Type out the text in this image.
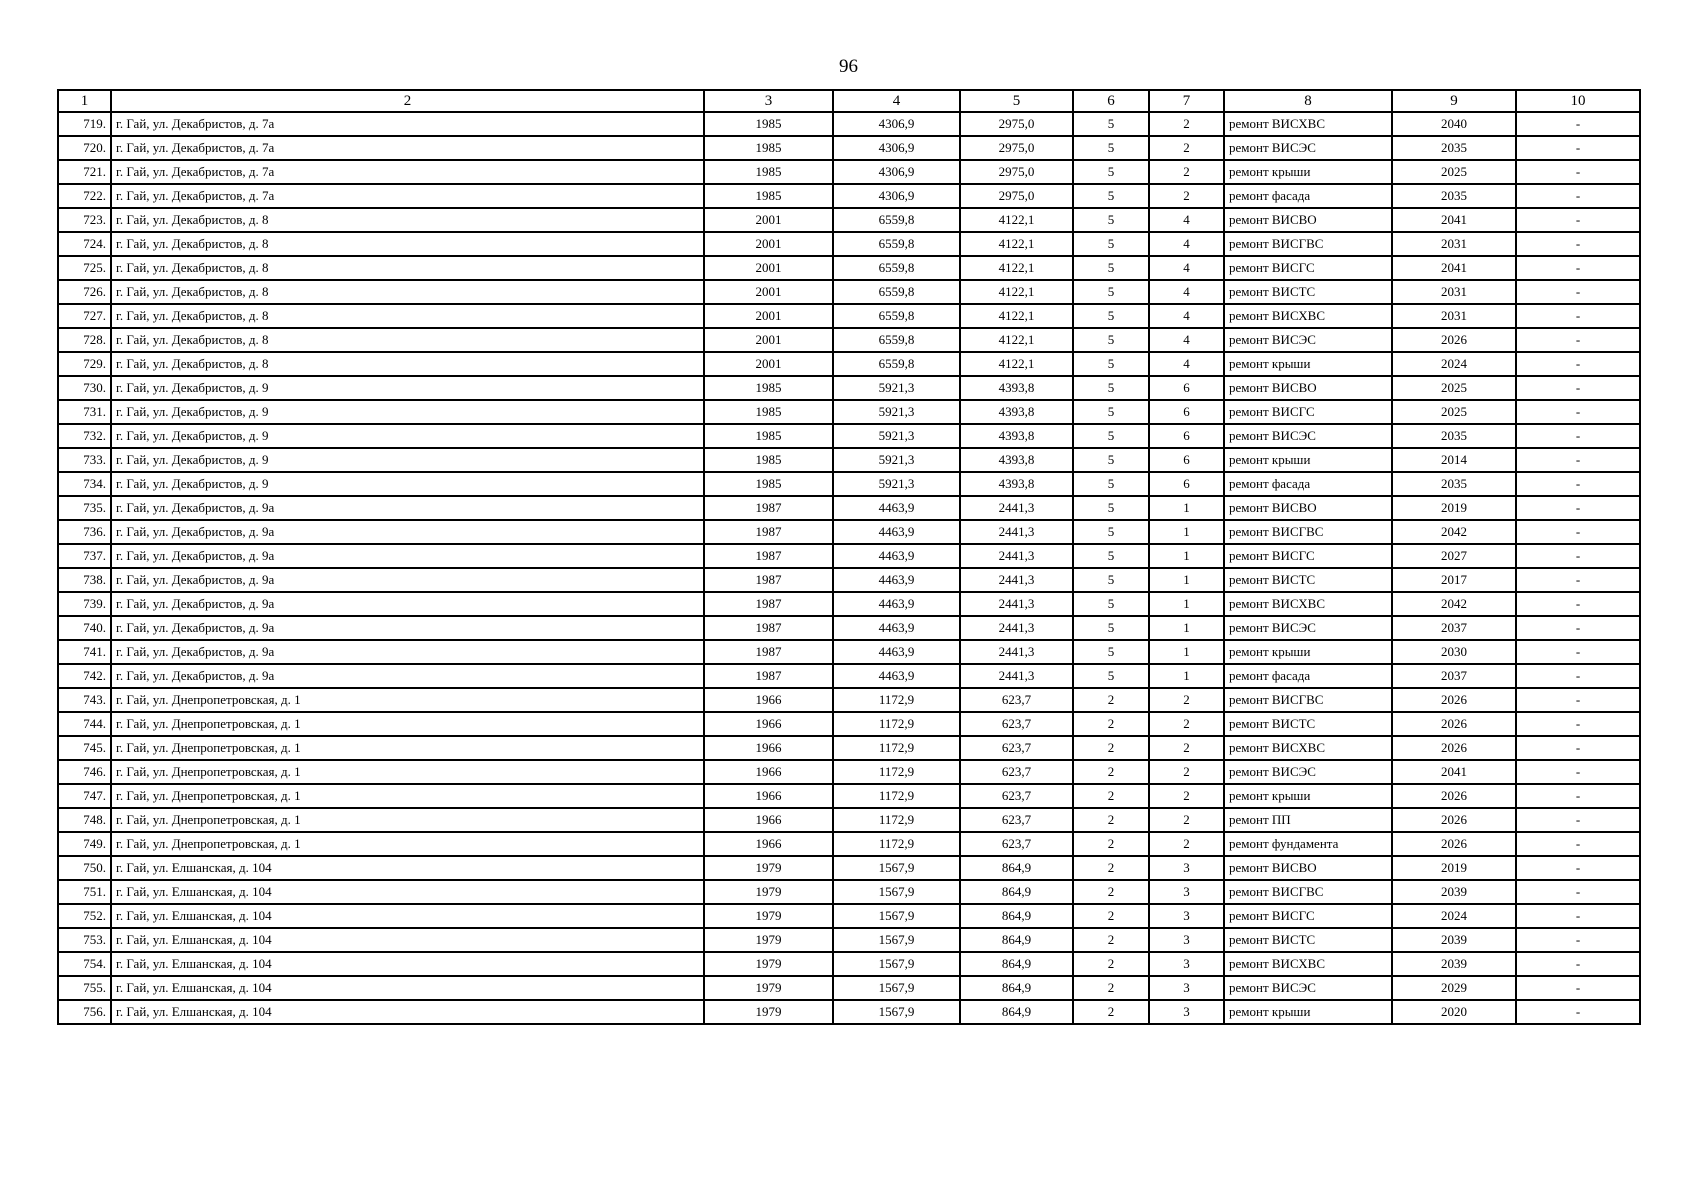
96
1	2	3	4	5	6	7	8	9	10
719.	г. Гай, ул. Декабристов, д. 7а	1985	4306,9	2975,0	5	2	ремонт ВИСХВС	2040	-
720.	г. Гай, ул. Декабристов, д. 7а	1985	4306,9	2975,0	5	2	ремонт ВИСЭС	2035	-
721.	г. Гай, ул. Декабристов, д. 7а	1985	4306,9	2975,0	5	2	ремонт крыши	2025	-
722.	г. Гай, ул. Декабристов, д. 7а	1985	4306,9	2975,0	5	2	ремонт фасада	2035	-
723.	г. Гай, ул. Декабристов, д. 8	2001	6559,8	4122,1	5	4	ремонт ВИСВО	2041	-
724.	г. Гай, ул. Декабристов, д. 8	2001	6559,8	4122,1	5	4	ремонт ВИСГВС	2031	-
725.	г. Гай, ул. Декабристов, д. 8	2001	6559,8	4122,1	5	4	ремонт ВИСГС	2041	-
726.	г. Гай, ул. Декабристов, д. 8	2001	6559,8	4122,1	5	4	ремонт ВИСТС	2031	-
727.	г. Гай, ул. Декабристов, д. 8	2001	6559,8	4122,1	5	4	ремонт ВИСХВС	2031	-
728.	г. Гай, ул. Декабристов, д. 8	2001	6559,8	4122,1	5	4	ремонт ВИСЭС	2026	-
729.	г. Гай, ул. Декабристов, д. 8	2001	6559,8	4122,1	5	4	ремонт крыши	2024	-
730.	г. Гай, ул. Декабристов, д. 9	1985	5921,3	4393,8	5	6	ремонт ВИСВО	2025	-
731.	г. Гай, ул. Декабристов, д. 9	1985	5921,3	4393,8	5	6	ремонт ВИСГС	2025	-
732.	г. Гай, ул. Декабристов, д. 9	1985	5921,3	4393,8	5	6	ремонт ВИСЭС	2035	-
733.	г. Гай, ул. Декабристов, д. 9	1985	5921,3	4393,8	5	6	ремонт крыши	2014	-
734.	г. Гай, ул. Декабристов, д. 9	1985	5921,3	4393,8	5	6	ремонт фасада	2035	-
735.	г. Гай, ул. Декабристов, д. 9а	1987	4463,9	2441,3	5	1	ремонт ВИСВО	2019	-
736.	г. Гай, ул. Декабристов, д. 9а	1987	4463,9	2441,3	5	1	ремонт ВИСГВС	2042	-
737.	г. Гай, ул. Декабристов, д. 9а	1987	4463,9	2441,3	5	1	ремонт ВИСГС	2027	-
738.	г. Гай, ул. Декабристов, д. 9а	1987	4463,9	2441,3	5	1	ремонт ВИСТС	2017	-
739.	г. Гай, ул. Декабристов, д. 9а	1987	4463,9	2441,3	5	1	ремонт ВИСХВС	2042	-
740.	г. Гай, ул. Декабристов, д. 9а	1987	4463,9	2441,3	5	1	ремонт ВИСЭС	2037	-
741.	г. Гай, ул. Декабристов, д. 9а	1987	4463,9	2441,3	5	1	ремонт крыши	2030	-
742.	г. Гай, ул. Декабристов, д. 9а	1987	4463,9	2441,3	5	1	ремонт фасада	2037	-
743.	г. Гай, ул. Днепропетровская, д. 1	1966	1172,9	623,7	2	2	ремонт ВИСГВС	2026	-
744.	г. Гай, ул. Днепропетровская, д. 1	1966	1172,9	623,7	2	2	ремонт ВИСТС	2026	-
745.	г. Гай, ул. Днепропетровская, д. 1	1966	1172,9	623,7	2	2	ремонт ВИСХВС	2026	-
746.	г. Гай, ул. Днепропетровская, д. 1	1966	1172,9	623,7	2	2	ремонт ВИСЭС	2041	-
747.	г. Гай, ул. Днепропетровская, д. 1	1966	1172,9	623,7	2	2	ремонт крыши	2026	-
748.	г. Гай, ул. Днепропетровская, д. 1	1966	1172,9	623,7	2	2	ремонт ПП	2026	-
749.	г. Гай, ул. Днепропетровская, д. 1	1966	1172,9	623,7	2	2	ремонт фундамента	2026	-
750.	г. Гай, ул. Елшанская, д. 104	1979	1567,9	864,9	2	3	ремонт ВИСВО	2019	-
751.	г. Гай, ул. Елшанская, д. 104	1979	1567,9	864,9	2	3	ремонт ВИСГВС	2039	-
752.	г. Гай, ул. Елшанская, д. 104	1979	1567,9	864,9	2	3	ремонт ВИСГС	2024	-
753.	г. Гай, ул. Елшанская, д. 104	1979	1567,9	864,9	2	3	ремонт ВИСТС	2039	-
754.	г. Гай, ул. Елшанская, д. 104	1979	1567,9	864,9	2	3	ремонт ВИСХВС	2039	-
755.	г. Гай, ул. Елшанская, д. 104	1979	1567,9	864,9	2	3	ремонт ВИСЭС	2029	-
756.	г. Гай, ул. Елшанская, д. 104	1979	1567,9	864,9	2	3	ремонт крыши	2020	-
